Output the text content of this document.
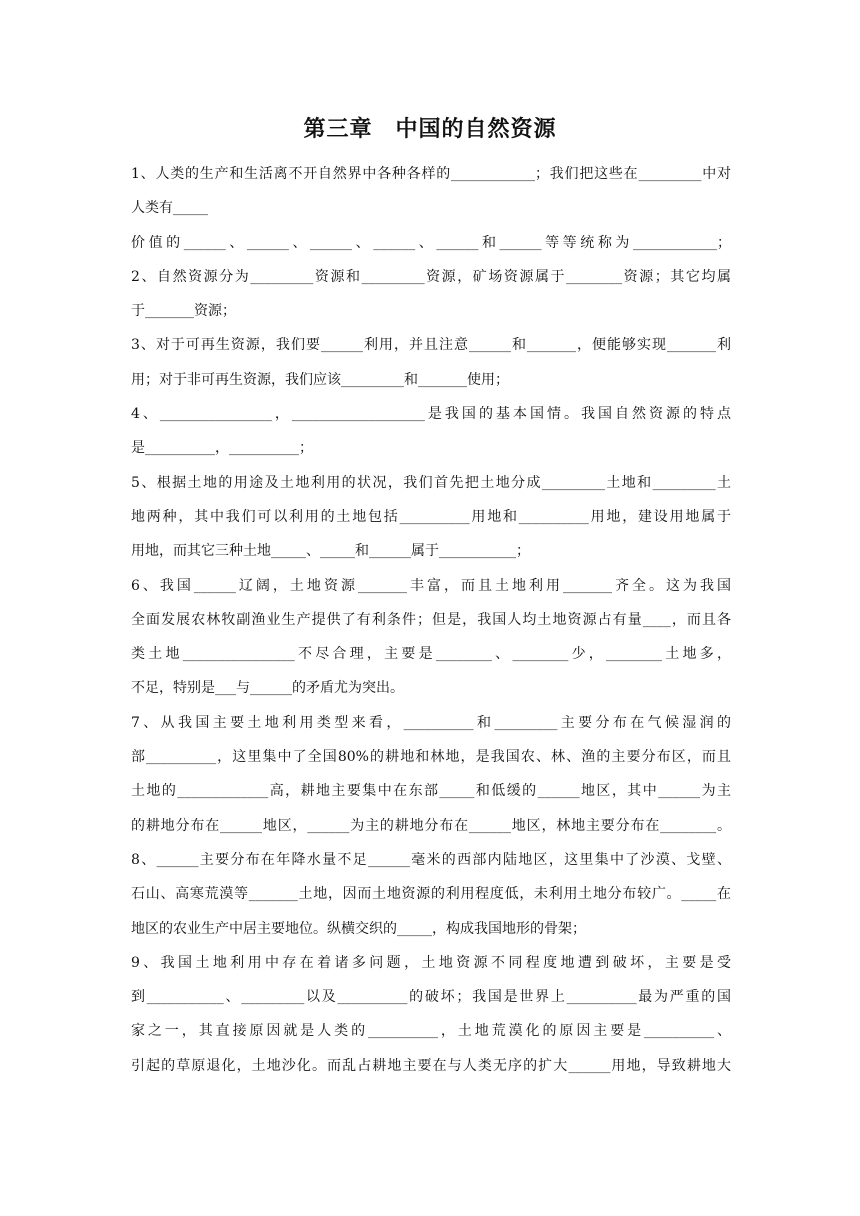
第三章　中国的自然资源
1、人类的生产和生活离不开自然界中各种各样的____________；我们把这些在_________中对
人类有_____
价值的______、______、______、______、______和______等等统称为____________；
2、自然资源分为_________资源和_________资源，矿场资源属于________资源；其它均属
于_______资源；
3、对于可再生资源，我们要______利用，并且注意______和_______，便能够实现_______利
用；对于非可再生资源，我们应该_________和_______使用；
4、________________，___________________是我国的基本国情。我国自然资源的特点
是__________，__________；
5、根据土地的用途及土地利用的状况，我们首先把土地分成_________土地和_________土
地两种，其中我们可以利用的土地包括__________用地和__________用地，建设用地属于
用地，而其它三种土地_____、_____和______属于___________；
6、我国______辽阔，土地资源_______丰富，而且土地利用_______齐全。这为我国
全面发展农林牧副渔业生产提供了有利条件；但是，我国人均土地资源占有量____，而且各
类土地________________不尽合理，主要是________、________少，________土地多，
不足，特别是___与______的矛盾尤为突出。
7、从我国主要土地利用类型来看，__________和_________主要分布在气候湿润的
部__________，这里集中了全国80%的耕地和林地，是我国农、林、渔的主要分布区，而且
土地的_____________高，耕地主要集中在东部_____和低缓的______地区，其中______为主
的耕地分布在______地区，______为主的耕地分布在______地区，林地主要分布在________。
8、______主要分布在年降水量不足______毫米的西部内陆地区，这里集中了沙漠、戈壁、
石山、高寒荒漠等_______土地，因而土地资源的利用程度低，未利用土地分布较广。_____在
地区的农业生产中居主要地位。纵横交织的_____，构成我国地形的骨架；
9、我国土地利用中存在着诸多问题，土地资源不同程度地遭到破坏，主要是受
到___________、_________以及__________的破坏；我国是世界上__________最为严重的国
家之一，其直接原因就是人类的__________，土地荒漠化的原因主要是__________、
引起的草原退化，土地沙化。而乱占耕地主要在与人类无序的扩大______用地，导致耕地大
